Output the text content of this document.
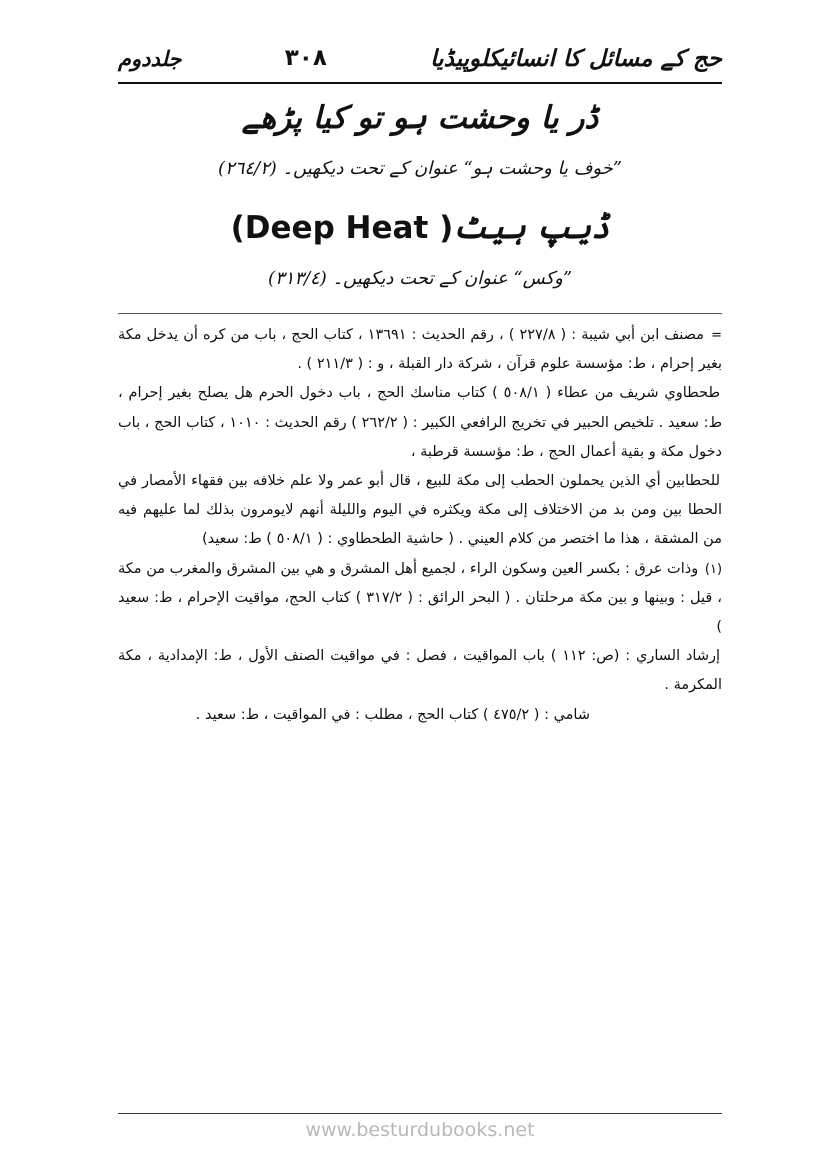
حج کے مسائل کا انسائیکلوپیڈیا
۳۰۸
جلددوم
ڈر یا وحشت ہو تو کیا پڑھے
”خوف یا وحشت ہو“ عنوان کے تحت دیکھیں۔ (٢٦٤/٢)
ڈیپ ہیٹ( Deep Heat)
”وکس“ عنوان کے تحت دیکھیں۔ (٣١٣/٤)

= مصنف ابن أبي شيبة : ( ٢٢٧/٨ ) ، رقم الحديث : ١٣٦٩١ ، كتاب الحج ، باب من كره أن يدخل مكة بغير إحرام ، ط: مؤسسة علوم قرآن ، شركة دار القبلة ، و : ( ٢١١/٣ ) .

طحطاوي شريف من عطاء ( ٥٠٨/١ ) كتاب مناسك الحج ، باب دخول الحرم هل يصلح بغير إحرام ، ط: سعيد . تلخيص الحبير في تخريج الرافعي الكبير : ( ٢٦٢/٢ ) رقم الحديث : ١٠١٠ ، كتاب الحج ، باب دخول مكة و بقية أعمال الحج ، ط: مؤسسة قرطبة ،

للحطابين أي الذين يحملون الحطب إلى مكة للبيع ، قال أبو عمر ولا علم خلافه بين فقهاء الأمصار في الحطا بين ومن بد من الاختلاف إلى مكة ويكثره في اليوم والليلة أنهم لايومرون بذلك لما عليهم فيه من المشقة ، هذا ما اختصر من كلام العيني . ( حاشية الطحطاوي : ( ٥٠٨/١ ) ط: سعيد)

(١) وذات عرق : بكسر العين وسكون الراء ، لجميع أهل المشرق و هي بين المشرق والمغرب من مكة ، قيل : وبينها و بين مكة مرحلتان . ( البحر الرائق : ( ٣١٧/٢ ) كتاب الحج، مواقيت الإحرام ، ط: سعيد )

إرشاد الساري : (ص: ١١٢ ) باب المواقيت ، فصل : في مواقيت الصنف الأول ، ط: الإمدادية ، مكة المكرمة .

شامي : ( ٤٧٥/٢ ) كتاب الحج ، مطلب : في المواقيت ، ط: سعيد .

www.besturdubooks.net
